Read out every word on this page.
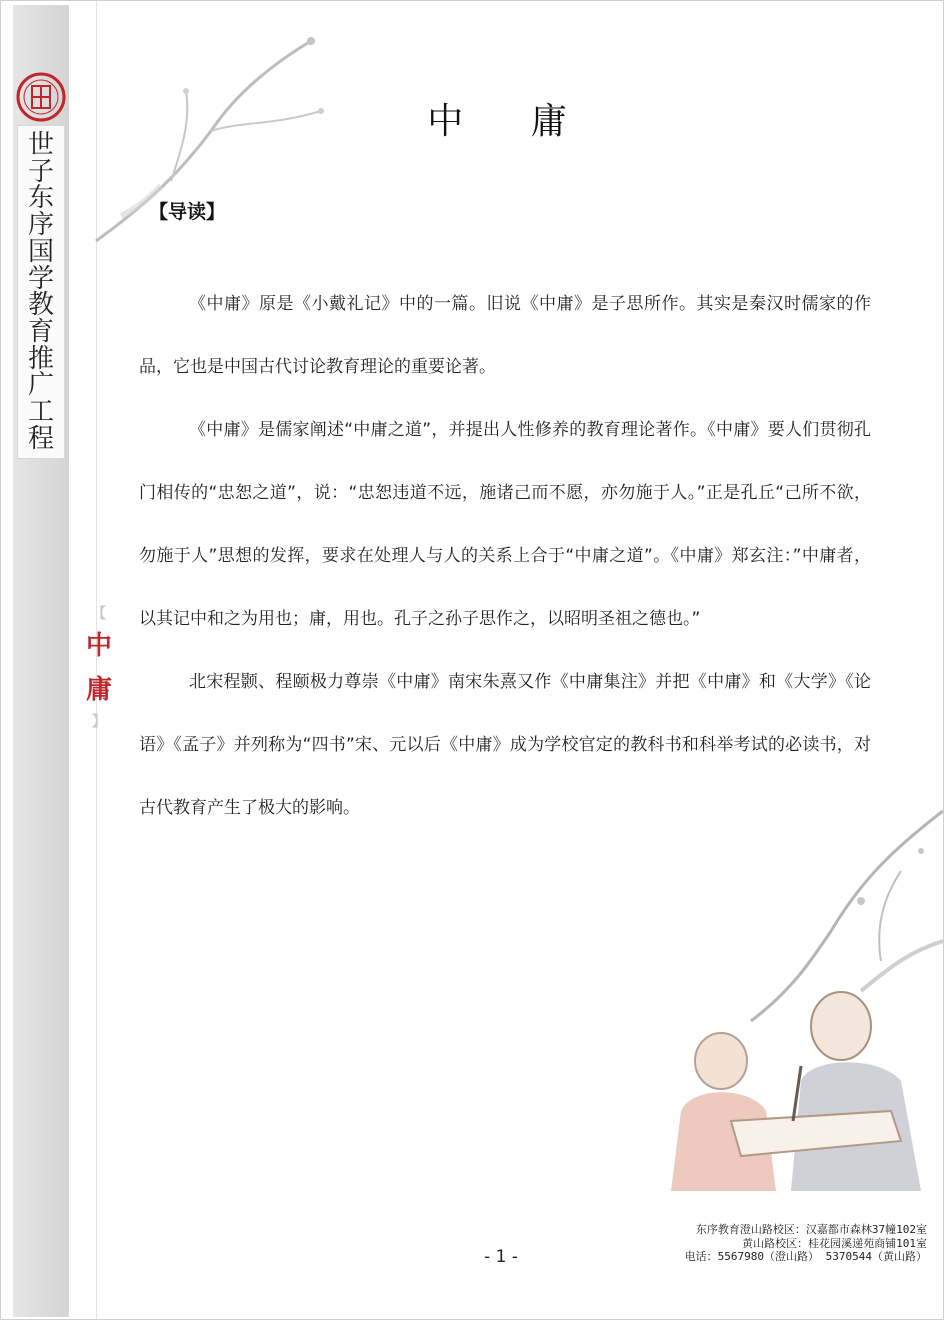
世
子
东
序
国
学
教
育
推
广
工
程
【
中
庸
】
中 庸
【导读】

《中庸》原是《小戴礼记》中的一篇。旧说《中庸》是子思所作。其实是秦汉时儒家的作品，它也是中国古代讨论教育理论的重要论著。

《中庸》是儒家阐述“中庸之道”，并提出人性修养的教育理论著作。《中庸》要人们贯彻孔门相传的“忠恕之道”，说：“忠恕违道不远，施诸己而不愿，亦勿施于人。”正是孔丘“己所不欲，勿施于人”思想的发挥，要求在处理人与人的关系上合于“中庸之道”。《中庸》郑玄注：”中庸者，以其记中和之为用也；庸，用也。孔子之孙子思作之，以昭明圣祖之德也。”

北宋程颢、程颐极力尊崇《中庸》南宋朱熹又作《中庸集注》并把《中庸》和《大学》《论语》《孟子》并列称为“四书”宋、元以后《中庸》成为学校官定的教科书和科举考试的必读书，对古代教育产生了极大的影响。

- 1 -
东序教育澄山路校区：汉嘉都市森林37幢102室
黄山路校区：桂花园溪递苑商铺101室
电话：5567980（澄山路） 5370544（黄山路）
